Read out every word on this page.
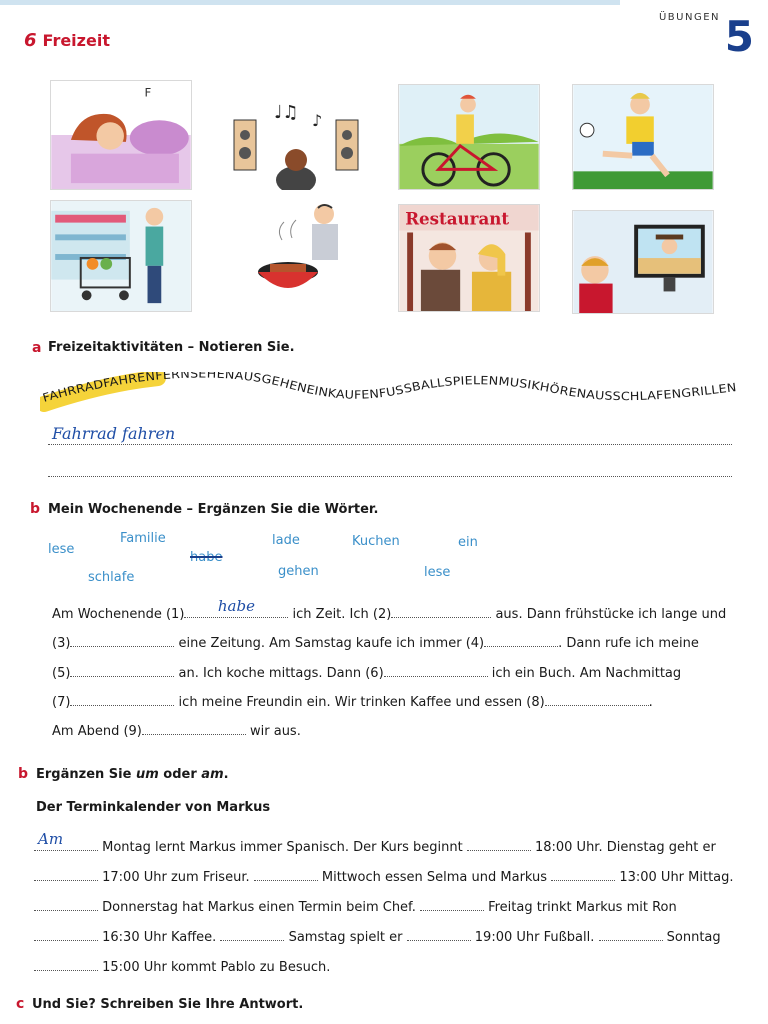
6 Freizeit
ÜBUNGEN 5
F
♩♫ ♪
Restaurant
a Freizeitaktivitäten – Notieren Sie.
FAHRRADFAHRENFERNSEHENAUSGEHENEINKAUFENFUSSBALLSPIELENMUSIKHÖRENAUSSCHLAFENGRILLEN
Fahrrad fahren
b Mein Wochenende – Ergänzen Sie die Wörter.
lese
Familie
habe
lade	Kuchen	ein
schlafe	gehen	lese
Am Wochenende (1)	habe	ich Zeit. Ich (2)	aus. Dann frühstücke ich lange und
(3)	eine Zeitung. Am Samstag kaufe ich immer (4)	. Dann rufe ich meine
(5)	an. Ich koche mittags. Dann (6)	ich ein Buch. Am Nachmittag
(7)	ich meine Freundin ein. Wir trinken Kaffee und essen (8)	.
Am Abend (9)	wir aus.
b Ergänzen Sie um oder am.
Der Terminkalender von Markus
Am	Montag lernt Markus immer Spanisch. Der Kurs beginnt	18:00 Uhr. Dienstag geht er
17:00 Uhr zum Friseur.	Mittwoch essen Selma und Markus	13:00 Uhr Mittag.
Donnerstag hat Markus einen Termin beim Chef.	Freitag trinkt Markus mit Ron
16:30 Uhr Kaffee.	Samstag spielt er	19:00 Uhr Fußball.	Sonntag
15:00 Uhr kommt Pablo zu Besuch.
c Und Sie? Schreiben Sie Ihre Antwort.
